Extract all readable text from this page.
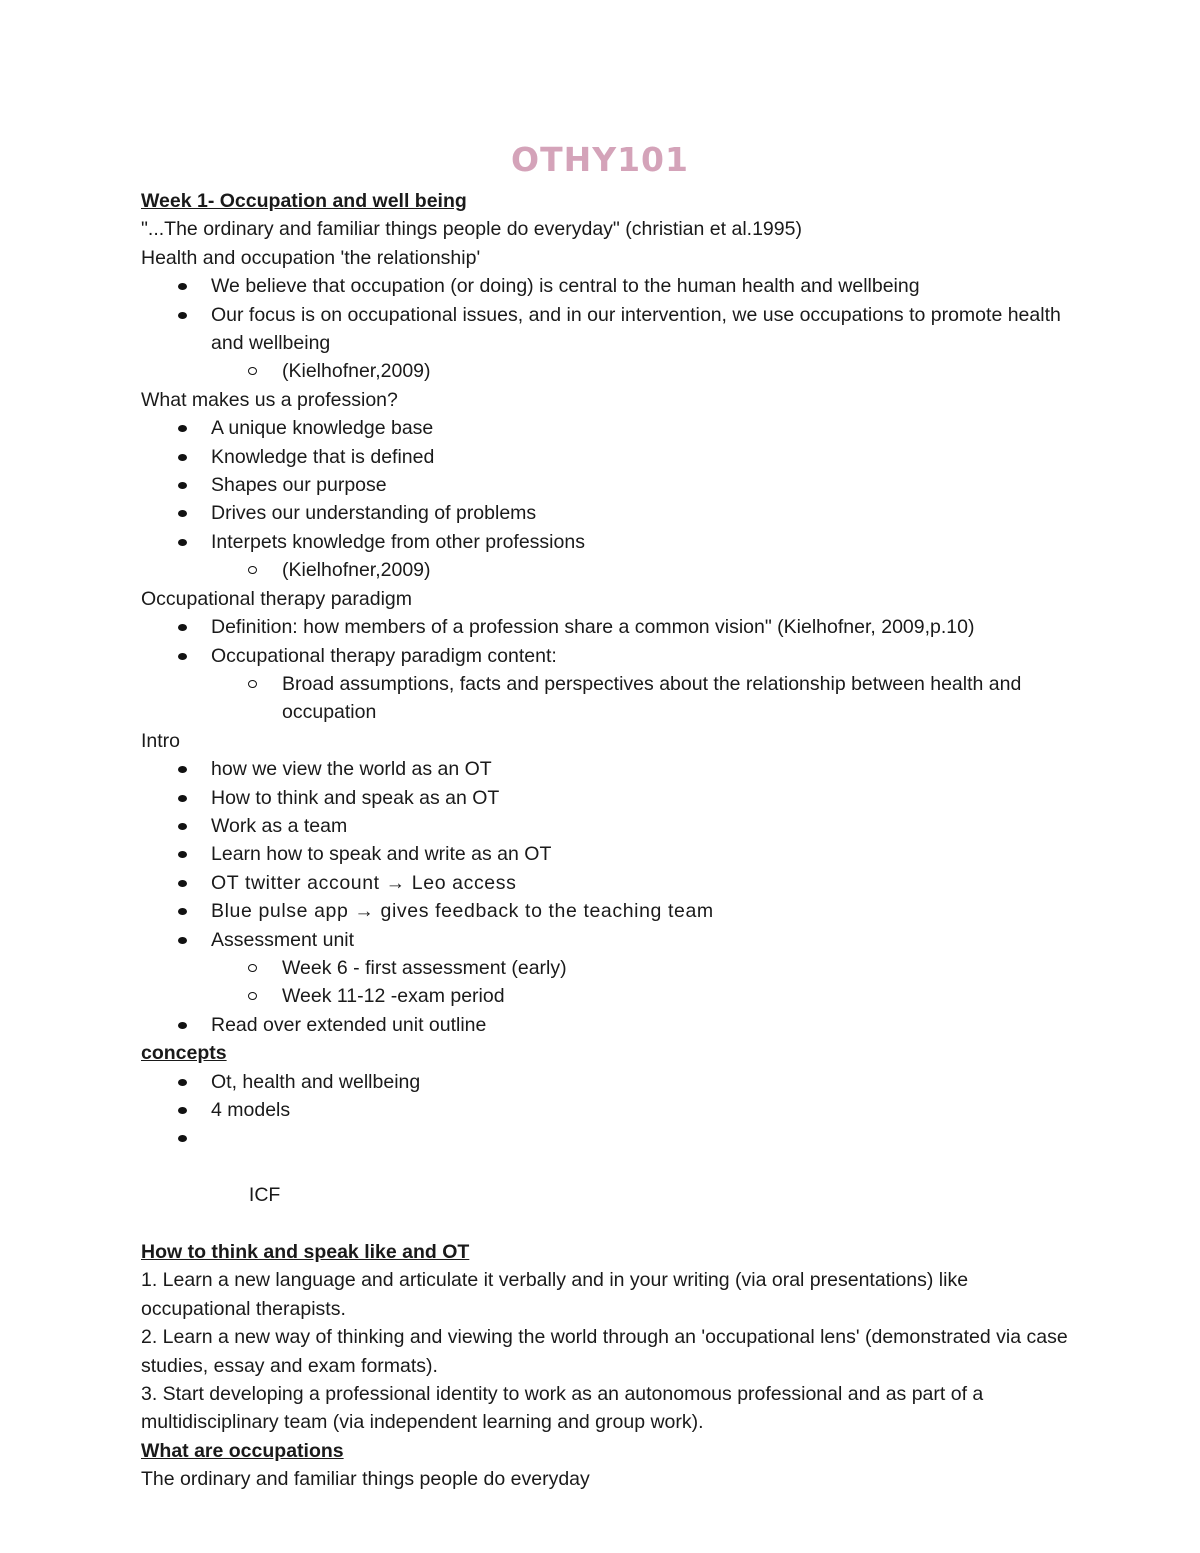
OTHY101
Week 1- Occupation and well being
"...The ordinary and familiar things people do everyday" (christian et al.1995)
Health and occupation 'the relationship'
We believe that occupation (or doing) is central to the human health and wellbeing
Our focus is on occupational issues, and in our intervention, we use occupations to promote health and wellbeing
(Kielhofner,2009)
What makes us a profession?
A unique knowledge base
Knowledge that is defined
Shapes our purpose
Drives our understanding of problems
Interpets knowledge from other professions
(Kielhofner,2009)
Occupational therapy paradigm
Definition: how members of a profession share a common vision" (Kielhofner, 2009,p.10)
Occupational therapy paradigm content:
Broad assumptions, facts and perspectives about the relationship between health and occupation
Intro
how we view the world as an OT
How to think and speak as an OT
Work as a team
Learn how to speak and write as an OT
OT twitter account → Leo access
Blue pulse app → gives feedback to the teaching team
Assessment unit
Week 6 - first assessment (early)
Week 11-12 -exam period
Read over extended unit outline
concepts
Ot, health and wellbeing
4 models

ICF

How to think and speak like and OT
1. Learn a new language and articulate it verbally and in your writing (via oral presentations) like occupational therapists.
2. Learn a new way of thinking and viewing the world through an 'occupational lens' (demonstrated via case studies, essay and exam formats).
3. Start developing a professional identity to work as an autonomous professional and as part of a multidisciplinary team (via independent learning and group work).
What are occupations
The ordinary and familiar things people do everyday
